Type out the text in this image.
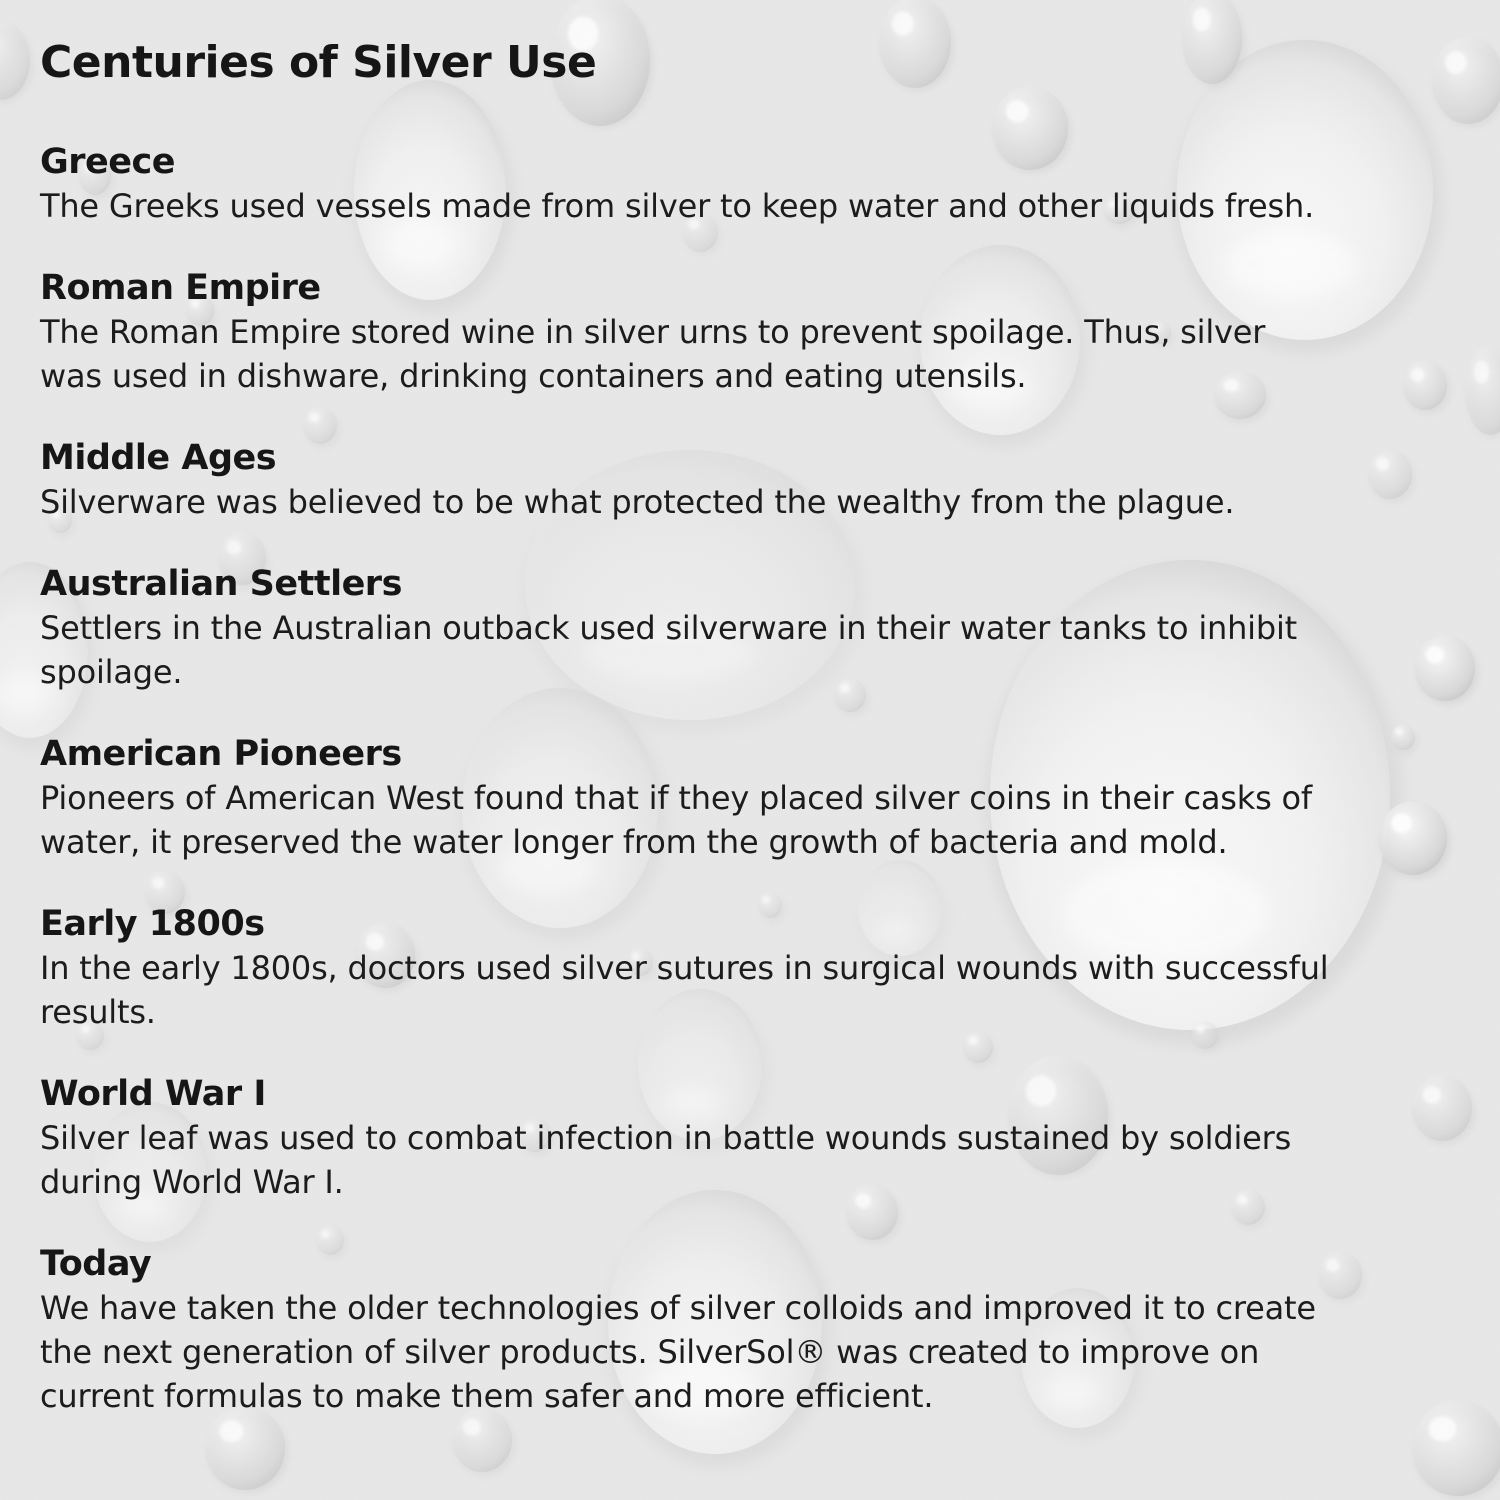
Centuries of Silver Use
Greece
The Greeks used vessels made from silver to keep water and other liquids fresh.
Roman Empire
The Roman Empire stored wine in silver urns to prevent spoilage. Thus, silver
was used in dishware, drinking containers and eating utensils.
Middle Ages
Silverware was believed to be what protected the wealthy from the plague.
Australian Settlers
Settlers in the Australian outback used silverware in their water tanks to inhibit
spoilage.
American Pioneers
Pioneers of American West found that if they placed silver coins in their casks of
water, it preserved the water longer from the growth of bacteria and mold.
Early 1800s
In the early 1800s, doctors used silver sutures in surgical wounds with successful
results.
World War I
Silver leaf was used to combat infection in battle wounds sustained by soldiers
during World War I.
Today
We have taken the older technologies of silver colloids and improved it to create
the next generation of silver products. SilverSol® was created to improve on
current formulas to make them safer and more efficient.
